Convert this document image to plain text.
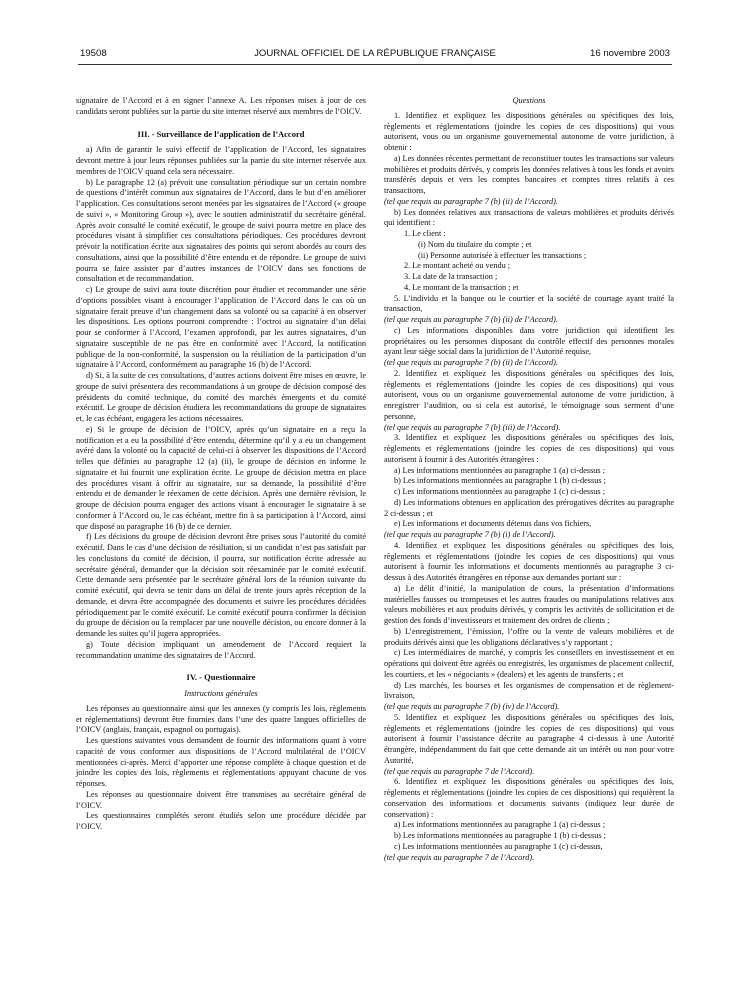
19508	JOURNAL OFFICIEL DE LA RÉPUBLIQUE FRANÇAISE	16 novembre 2003

signataire de l’Accord et à en signer l’annexe A. Les réponses mises à jour de ces candidats seront publiées sur la partie du site internet réservé aux membres de l’OICV.

III. - Surveillance de l’application de l’Accord

a) Afin de garantir le suivi effectif de l’application de l’Accord, les signataires devront mettre à jour leurs réponses publiées sur la partie du site internet réservée aux membres de l’OICV quand cela sera nécessaire.

b) Le paragraphe 12 (a) prévoit une consultation périodique sur un certain nombre de questions d’intérêt commun aux signataires de l’Accord, dans le but d’en améliorer l’application. Ces consultations seront menées par les signataires de l’Accord (« groupe de suivi », « Monitoring Group »), avec le soutien administratif du secrétaire général. Après avoir consulté le comité exécutif, le groupe de suivi pourra mettre en place des procédures visant à simplifier ces consultations périodiques. Ces procédures devront prévoir la notification écrite aux signataires des points qui seront abordés au cours des consultations, ainsi que la possibilité d’être entendu et de répondre. Le groupe de suivi pourra se faire assister par d’autres instances de l’OICV dans ses fonctions de consultation et de recommandation.

c) Le groupe de suivi aura toute discrétion pour étudier et recommander une série d’options possibles visant à encourager l’application de l’Accord dans le cas où un signataire ferait preuve d’un changement dans sa volonté ou sa capacité à en observer les dispositions. Les options pourront comprendre : l’octroi au signataire d’un délai pour se conformer à l’Accord, l’examen approfondi, par les autres signataires, d’un signataire susceptible de ne pas être en conformité avec l’Accord, la notification publique de la non-conformité, la suspension ou la résiliation de la participation d’un signataire à l’Accord, conformément au paragraphe 16 (b) de l’Accord.

d) Si, à la suite de ces consultations, d’autres actions doivent être mises en œuvre, le groupe de suivi présentera des recommandations à un groupe de décision composé des présidents du comité technique, du comité des marchés émergents et du comité exécutif. Le groupe de décision étudiera les recommandations du groupe de signataires et, le cas échéant, engagera les actions nécessaires.

e) Si le groupe de décision de l’OICV, après qu’un signataire en a reçu la notification et a eu la possibilité d’être entendu, détermine qu’il y a eu un changement avéré dans la volonté ou la capacité de celui-ci à observer les dispositions de l’Accord telles que définies au paragraphe 12 (a) (ii), le groupe de décision en informe le signataire et lui fournit une explication écrite. Le groupe de décision mettra en place des procédures visant à offrir au signataire, sur sa demande, la possibilité d’être entendu et de demander le réexamen de cette décision. Après une dernière révision, le groupe de décision pourra engager des actions visant à encourager le signataire à se conformer à l’Accord ou, le cas échéant, mettre fin à sa participation à l’Accord, ainsi que disposé au paragraphe 16 (b) de ce dernier.

f) Les décisions du groupe de décision devront être prises sous l’autorité du comité exécutif. Dans le cas d’une décision de résiliation, si un candidat n’est pas satisfait par les conclusions du comité de décision, il pourra, sur notification écrite adressée au secrétaire général, demander que la décision soit réexaminée par le comité exécutif. Cette demande sera présentée par le secrétaire général lors de la réunion suivante du comité exécutif, qui devra se tenir dans un délai de trente jours après réception de la demande, et devra être accompagnée des documents et suivre les procédures décidées périodiquement par le comité exécutif. Le comité exécutif pourra confirmer la décision du groupe de décision ou la remplacer par une nouvelle décision, ou encore donner à la demande les suites qu’il jugera appropriées.

g) Toute décision impliquant un amendement de l’Accord requiert la recommandation unanime des signataires de l’Accord.

IV. - Questionnaire
Instructions générales

Les réponses au questionnaire ainsi que les annexes (y compris les lois, règlements et réglementations) devront être fournies dans l’une des quatre langues officielles de l’OICV (anglais, français, espagnol ou portugais).

Les questions suivantes vous demandent de fournir des informations quant à votre capacité de vous conformer aux dispositions de l’Accord multilatéral de l’OICV mentionnées ci-après. Merci d’apporter une réponse complète à chaque question et de joindre les copies des lois, règlements et réglementations appuyant chacune de vos réponses.

Les réponses au questionnaire doivent être transmises au secrétaire général de l’OICV.

Les questionnaires complétés seront étudiés selon une procédure décidée par l’OICV.

Questions

1. Identifiez et expliquez les dispositions générales ou spécifiques des lois, règlements et réglementations (joindre les copies de ces dispositions) qui vous autorisent, vous ou un organisme gouvernemental autonome de votre juridiction, à obtenir :

a) Les données récentes permettant de reconstituer toutes les transactions sur valeurs mobilières et produits dérivés, y compris les données relatives à tous les fonds et avoirs transférés depuis et vers les comptes bancaires et comptes titres relatifs à ces transactions,

(tel que requis au paragraphe 7 (b) (ii) de l’Accord).

b) Les données relatives aux transactions de valeurs mobilières et produits dérivés qui identifient :

1. Le client :

(i) Nom du titulaire du compte ; et

(ii) Personne autorisée à effectuer les transactions ;

2. Le montant acheté ou vendu ;

3. La date de la transaction ;

4. Le montant de la transaction ; et

5. L’individu et la banque ou le courtier et la société de courtage ayant traité la transaction,

(tel que requis au paragraphe 7 (b) (ii) de l’Accord).

c) Les informations disponibles dans votre juridiction qui identifient les propriétaires ou les personnes disposant du contrôle effectif des personnes morales ayant leur siège social dans la juridiction de l’Autorité requise,

(tel que requis au paragraphe 7 (b) (ii) de l’Accord).

2. Identifiez et expliquez les dispositions générales ou spécifiques des lois, règlements et réglementations (joindre les copies de ces dispositions) qui vous autorisent, vous ou un organisme gouvernemental autonome de votre juridiction, à enregistrer l’audition, ou si cela est autorisé, le témoignage sous serment d’une personne,

(tel que requis au paragraphe 7 (b) (iii) de l’Accord).

3. Identifiez et expliquez les dispositions générales ou spécifiques des lois, règlements et réglementations (joindre les copies de ces dispositions) qui vous autorisent à fournir à des Autorités étrangères :

a) Les informations mentionnées au paragraphe 1 (a) ci-dessus ;

b) Les informations mentionnées au paragraphe 1 (b) ci-dessus ;

c) Les informations mentionnées au paragraphe 1 (c) ci-dessus ;

d) Les informations obtenues en application des prérogatives décrites au paragraphe 2 ci-dessus ; et

e) Les informations et documents détenus dans vos fichiers,

(tel que requis au paragraphe 7 (b) (i) de l’Accord).

4. Identifiez et expliquez les dispositions générales ou spécifiques des lois, règlements et réglementations (joindre les copies de ces dispositions) qui vous autorisent à fournir les informations et documents mentionnés au paragraphe 3 ci-dessus à des Autorités étrangères en réponse aux demandes portant sur :

a) Le délit d’initié, la manipulation de cours, la présentation d’informations matérielles fausses ou trompeuses et les autres fraudes ou manipulations relatives aux valeurs mobilières et aux produits dérivés, y compris les activités de sollicitation et de gestion des fonds d’investisseurs et traitement des ordres de clients ;

b) L’enregistrement, l’émission, l’offre ou la vente de valeurs mobilières et de produits dérivés ainsi que les obligations déclaratives s’y rapportant ;

c) Les intermédiaires de marché, y compris les conseillers en investissement et en opérations qui doivent être agréés ou enregistrés, les organismes de placement collectif, les courtiers, et les « négociants » (dealers) et les agents de transferts ; et

d) Les marchés, les bourses et les organismes de compensation et de règlement-livraison,

(tel que requis au paragraphe 7 (b) (iv) de l’Accord).

5. Identifiez et expliquez les dispositions générales ou spécifiques des lois, règlements et réglementations (joindre les copies de ces dispositions) qui vous autorisent à fournir l’assistance décrite au paragraphe 4 ci-dessus à une Autorité étrangère, indépendamment du fait que cette demande ait un intérêt ou non pour votre Autorité,

(tel que requis au paragraphe 7 de l’Accord).

6. Identifiez et expliquez les dispositions générales ou spécifiques des lois, règlements et réglementations (joindre les copies de ces dispositions) qui requièrent la conservation des informations et documents suivants (indiquez leur durée de conservation) :

a) Les informations mentionnées au paragraphe 1 (a) ci-dessus ;

b) Les informations mentionnées au paragraphe 1 (b) ci-dessus ;

c) Les informations mentionnées au paragraphe 1 (c) ci-dessus,

(tel que requis au paragraphe 7 de l’Accord).
